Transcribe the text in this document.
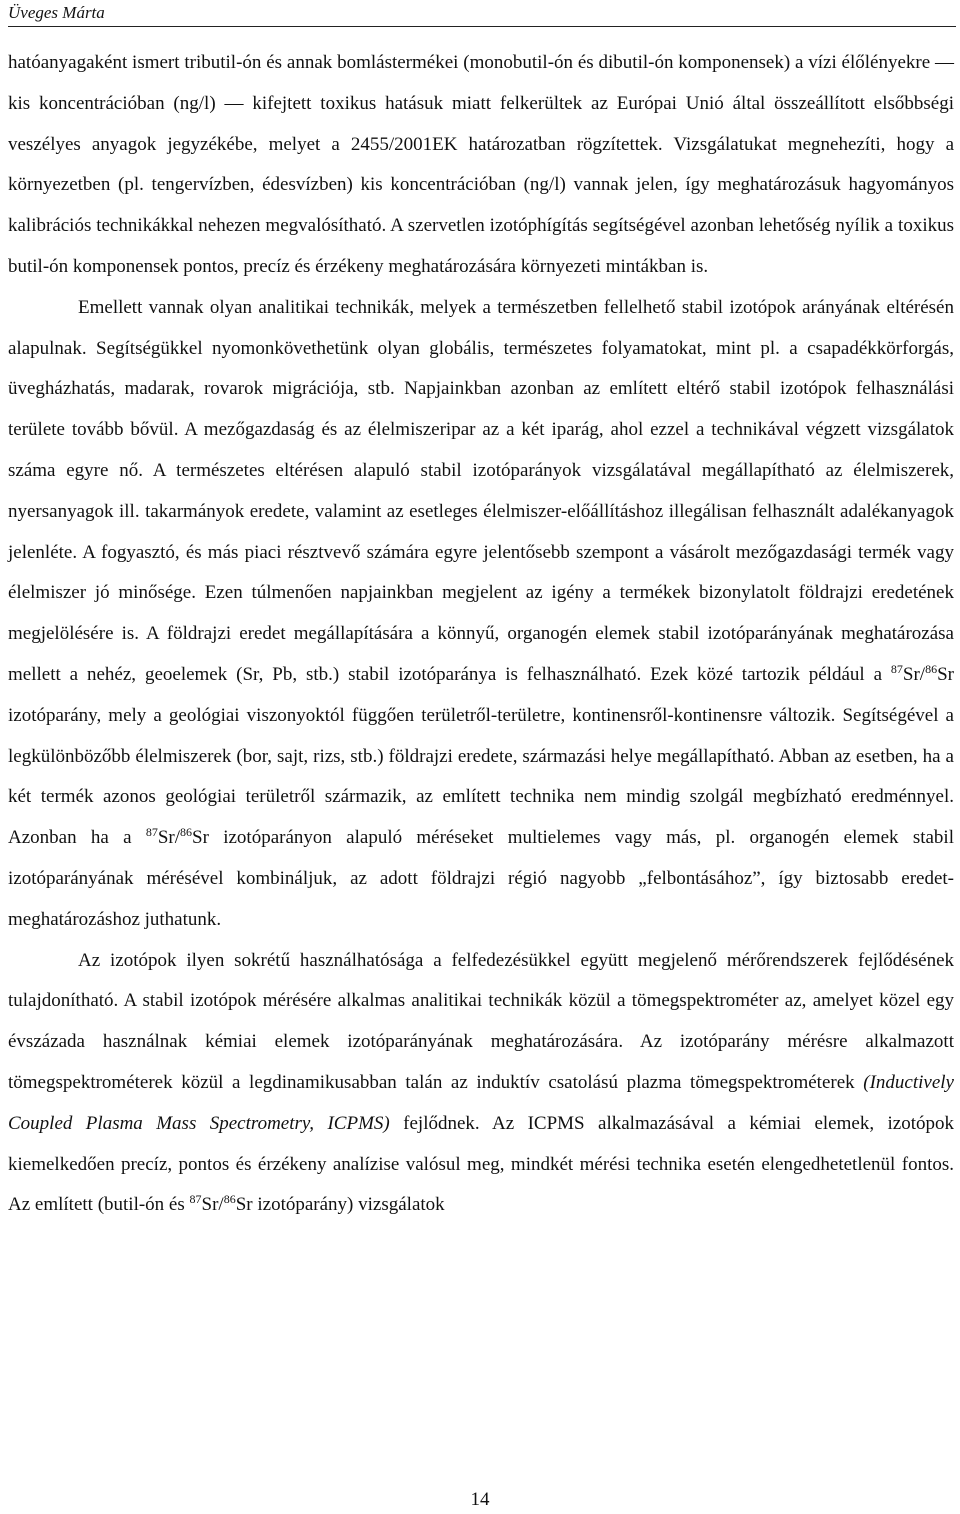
Üveges Márta

hatóanyagaként ismert tributil-ón és annak bomlástermékei (monobutil-ón és dibutil-ón komponensek) a vízi élőlényekre — kis koncentrációban (ng/l) — kifejtett toxikus hatásuk miatt felkerültek az Európai Unió által összeállított elsőbbségi veszélyes anyagok jegyzékébe, melyet a 2455/2001EK határozatban rögzítettek. Vizsgálatukat megnehezíti, hogy a környezetben (pl. tengervízben, édesvízben) kis koncentrációban (ng/l) vannak jelen, így meghatározásuk hagyományos kalibrációs technikákkal nehezen megvalósítható. A szervetlen izotóphígítás segítségével azonban lehetőség nyílik a toxikus butil-ón komponensek pontos, precíz és érzékeny meghatározására környezeti mintákban is.

Emellett vannak olyan analitikai technikák, melyek a természetben fellelhető stabil izotópok arányának eltérésén alapulnak. Segítségükkel nyomonkövethetünk olyan globális, természetes folyamatokat, mint pl. a csapadékkörforgás, üvegházhatás, madarak, rovarok migrációja, stb. Napjainkban azonban az említett eltérő stabil izotópok felhasználási területe tovább bővül. A mezőgazdaság és az élelmiszeripar az a két iparág, ahol ezzel a technikával végzett vizsgálatok száma egyre nő. A természetes eltérésen alapuló stabil izotóparányok vizsgálatával megállapítható az élelmiszerek, nyersanyagok ill. takarmányok eredete, valamint az esetleges élelmiszer-előállításhoz illegálisan felhasznált adalékanyagok jelenléte. A fogyasztó, és más piaci résztvevő számára egyre jelentősebb szempont a vásárolt mezőgazdasági termék vagy élelmiszer jó minősége. Ezen túlmenően napjainkban megjelent az igény a termékek bizonylatolt földrajzi eredetének megjelölésére is. A földrajzi eredet megállapítására a könnyű, organogén elemek stabil izotóparányának meghatározása mellett a nehéz, geoelemek (Sr, Pb, stb.) stabil izotóparánya is felhasználható. Ezek közé tartozik például a $^{87}$Sr/$^{86}$Sr izotóparány, mely a geológiai viszonyoktól függően területről-területre, kontinensről-kontinensre változik. Segítségével a legkülönbözőbb élelmiszerek (bor, sajt, rizs, stb.) földrajzi eredete, származási helye megállapítható. Abban az esetben, ha a két termék azonos geológiai területről származik, az említett technika nem mindig szolgál megbízható eredménnyel. Azonban ha a $^{87}$Sr/$^{86}$Sr izotóparányon alapuló méréseket multielemes vagy más, pl. organogén elemek stabil izotóparányának mérésével kombináljuk, az adott földrajzi régió nagyobb „felbontásához”, így biztosabb eredet-meghatározáshoz juthatunk.

Az izotópok ilyen sokrétű használhatósága a felfedezésükkel együtt megjelenő mérőrendszerek fejlődésének tulajdonítható. A stabil izotópok mérésére alkalmas analitikai technikák közül a tömegspektrométer az, amelyet közel egy évszázada használnak kémiai elemek izotóparányának meghatározására. Az izotóparány mérésre alkalmazott tömegspektrométerek közül a legdinamikusabban talán az induktív csatolású plazma tömegspektrométerek (Inductively Coupled Plasma Mass Spectrometry, ICPMS) fejlődnek. Az ICPMS alkalmazásával a kémiai elemek, izotópok kiemelkedően precíz, pontos és érzékeny analízise valósul meg, mindkét mérési technika esetén elengedhetetlenül fontos. Az említett (butil-ón és $^{87}$Sr/$^{86}$Sr izotóparány) vizsgálatok

14
